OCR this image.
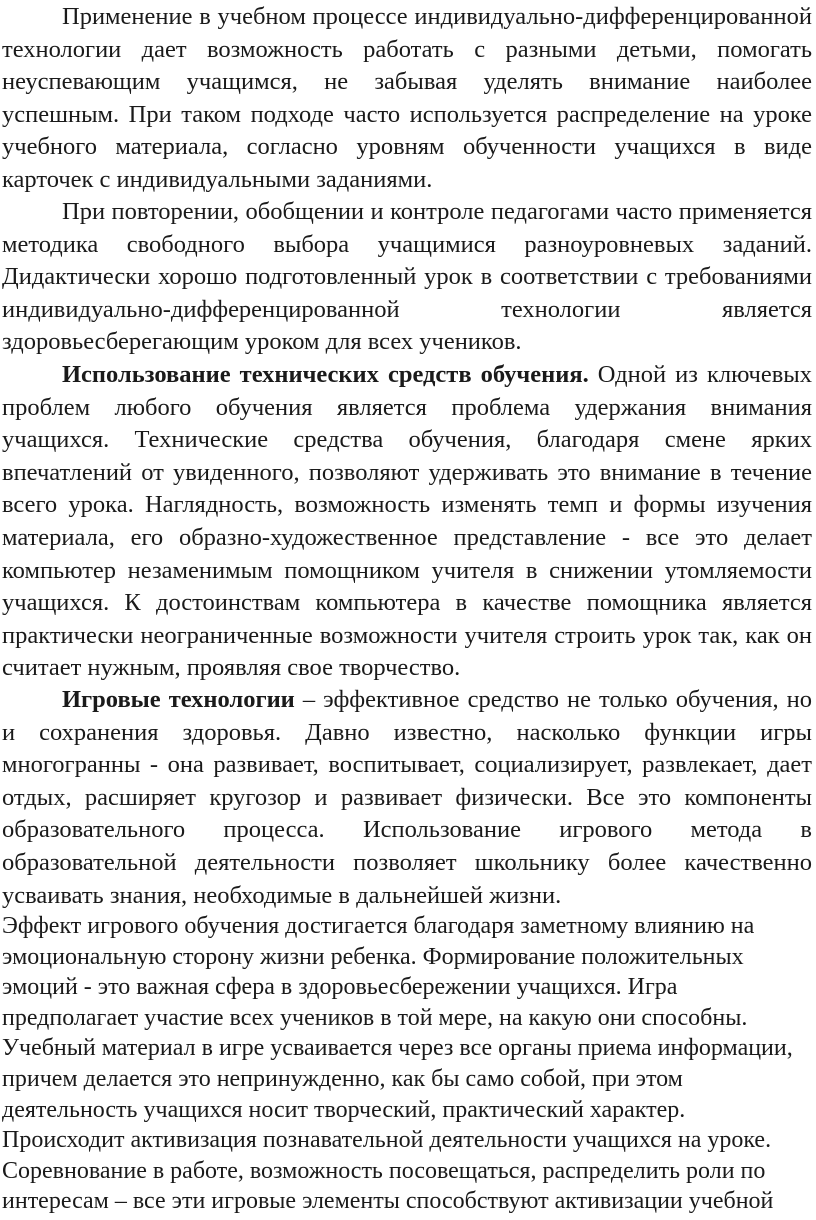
Применение в учебном процессе индивидуально-дифференцированной технологии дает возможность работать с разными детьми, помогать неуспевающим учащимся, не забывая уделять внимание наиболее успешным. При таком подходе часто используется распределение на уроке учебного материала, согласно уровням обученности учащихся в виде карточек с индивидуальными заданиями.

При повторении, обобщении и контроле педагогами часто применяется методика свободного выбора учащимися разноуровневых заданий. Дидактически хорошо подготовленный урок в соответствии с требованиями индивидуально-дифференцированной технологии является здоровьесберегающим уроком для всех учеников.

Использование технических средств обучения. Одной из ключевых проблем любого обучения является проблема удержания внимания учащихся. Технические средства обучения, благодаря смене ярких впечатлений от увиденного, позволяют удерживать это внимание в течение всего урока. Наглядность, возможность изменять темп и формы изучения материала, его образно-художественное представление - все это делает компьютер незаменимым помощником учителя в снижении утомляемости учащихся. К достоинствам компьютера в качестве помощника является практически неограниченные возможности учителя строить урок так, как он считает нужным, проявляя свое творчество.

Игровые технологии – эффективное средство не только обучения, но и сохранения здоровья. Давно известно, насколько функции игры многогранны - она развивает, воспитывает, социализирует, развлекает, дает отдых, расширяет кругозор и развивает физически. Все это компоненты образовательного процесса. Использование игрового метода в образовательной деятельности позволяет школьнику более качественно усваивать знания, необходимые в дальнейшей жизни.

Эффект игрового обучения достигается благодаря заметному влиянию на эмоциональную сторону жизни ребенка. Формирование положительных эмоций - это важная сфера в здоровьесбережении учащихся. Игра предполагает участие всех учеников в той мере, на какую они способны. Учебный материал в игре усваивается через все органы приема информации, причем делается это непринужденно, как бы само собой, при этом деятельность учащихся носит творческий, практический характер. Происходит активизация познавательной деятельности учащихся на уроке. Соревнование в работе, возможность посовещаться, распределить роли по интересам – все эти игровые элементы способствуют активизации учебной
